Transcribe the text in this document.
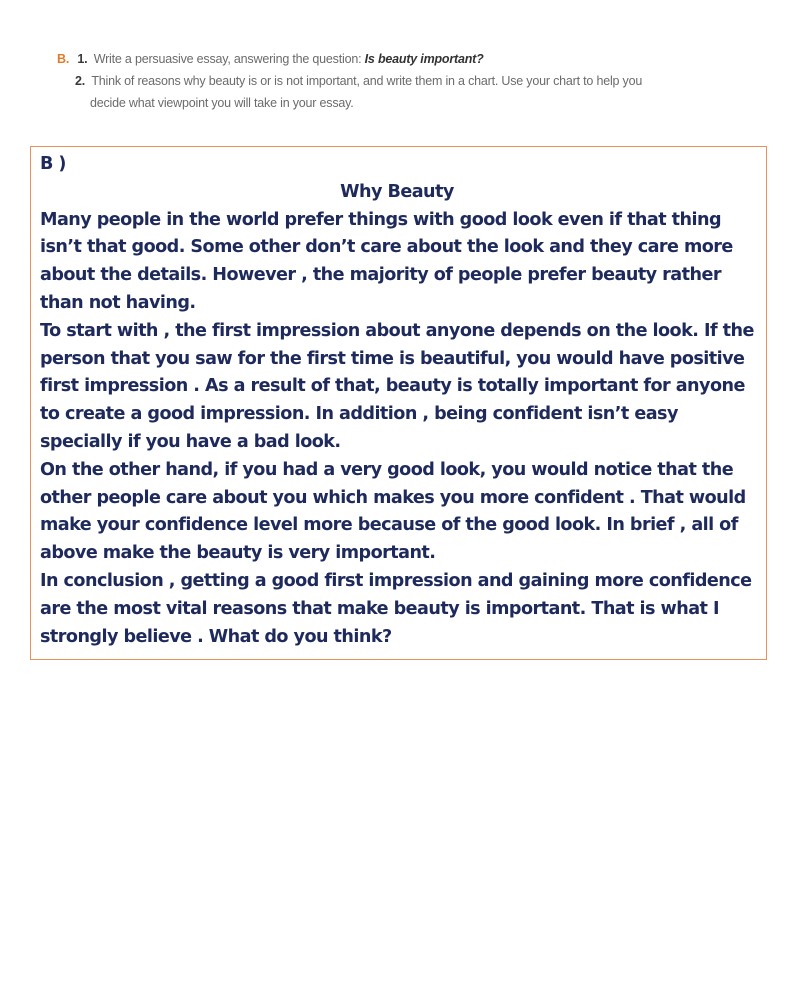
B. 1. Write a persuasive essay, answering the question: Is beauty important?
2. Think of reasons why beauty is or is not important, and write them in a chart. Use your chart to help you
decide what viewpoint you will take in your essay.
B )
Why Beauty

Many people in the world prefer things with good look even if that thing isn’t that good. Some other don’t care about the look and they care more about the details. However , the majority of people prefer beauty rather than not having.

To start with , the first impression about anyone depends on the look. If the person that you saw for the first time is beautiful, you would have positive first impression . As a result of that, beauty is totally important for anyone to create a good impression. In addition , being confident isn’t easy specially if you have a bad look.

On the other hand, if you had a very good look, you would notice that the other people care about you which makes you more confident . That would make your confidence level more because of the good look. In brief , all of above make the beauty is very important.

In conclusion , getting a good first impression and gaining more confidence are the most vital reasons that make beauty is important. That is what I strongly believe . What do you think?
